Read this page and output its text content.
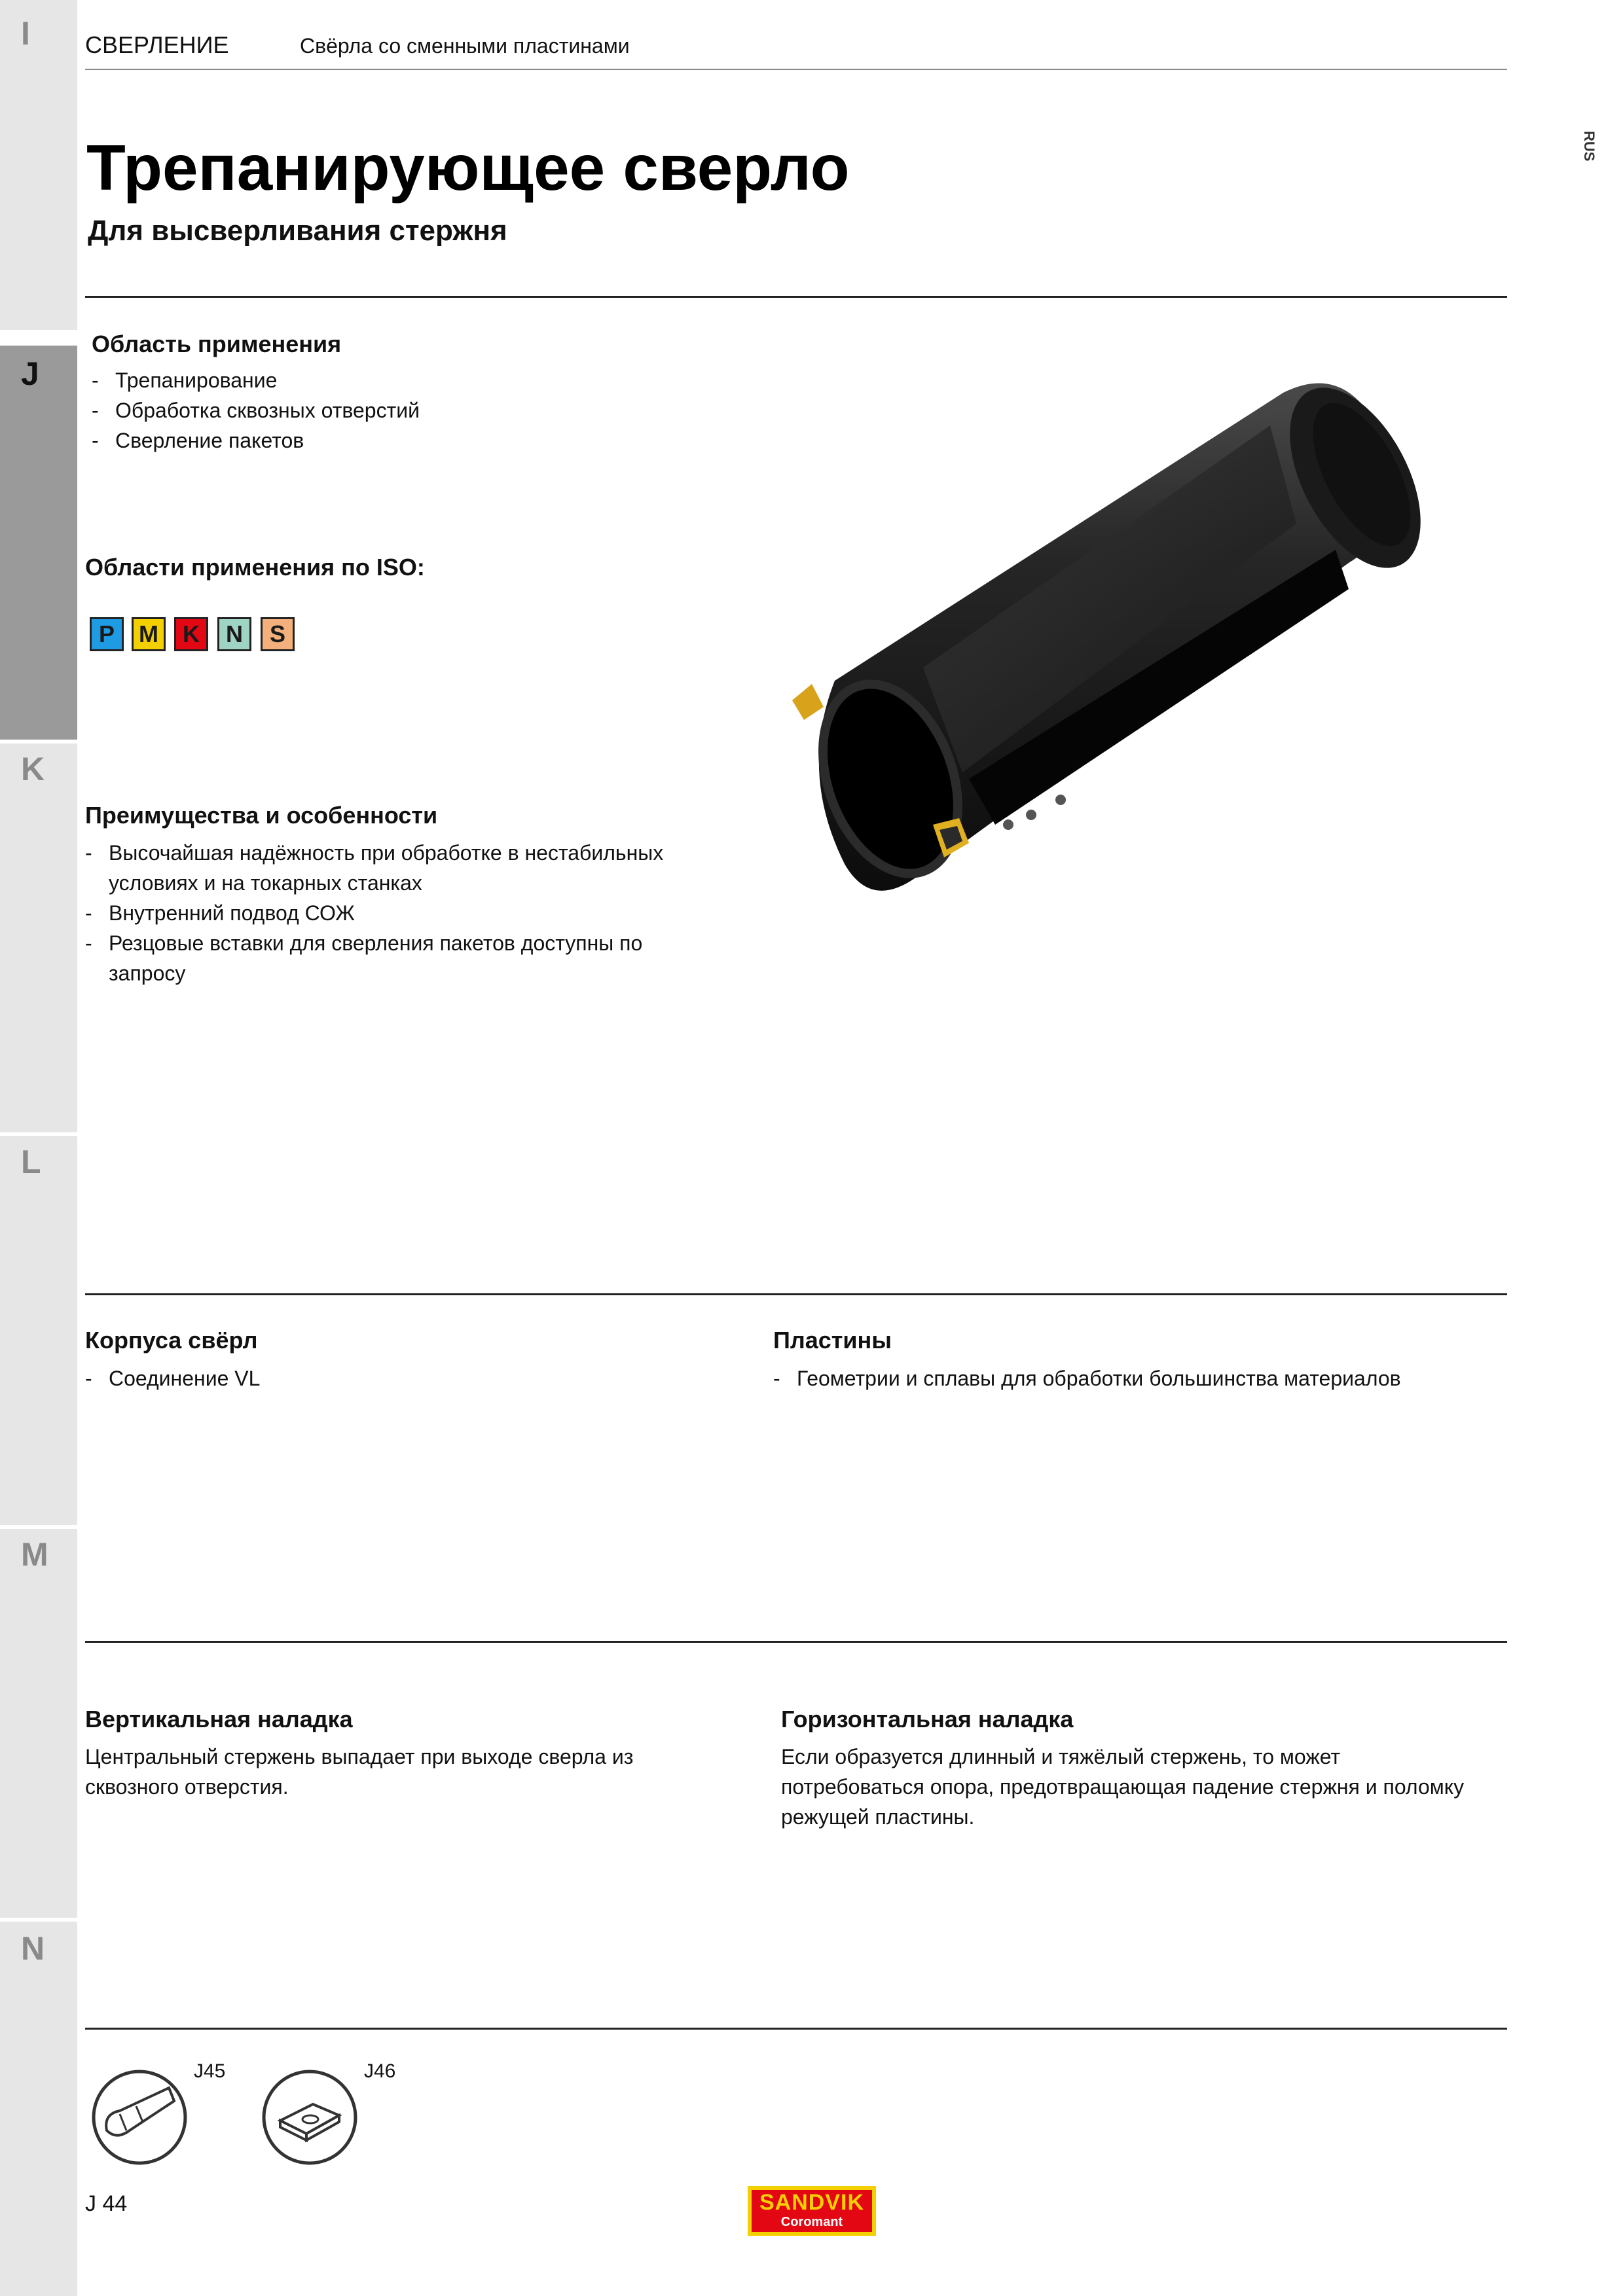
I
J
K
L
M
N
СВЕРЛЕНИЕ	Свёрла со сменными пластинами
RUS
Трепанирующее сверло
Для высверливания стержня
Область применения
- Трепанирование
- Обработка сквозных отверстий
- Сверление пакетов
Области применения по ISO:
P	M	K	N	S
Преимущества и особенности
- Высочайшая надёжность при обработке в нестабильных
условиях и на токарных станках
- Внутренний подвод СОЖ
- Резцовые вставки для сверления пакетов доступны по
запросу
Корпуса свёрл
- Соединение VL
Пластины
- Геометрии и сплавы для обработки большинства материалов
Вертикальная наладка
Центральный стержень выпадает при выходе сверла из
сквозного отверстия.
Горизонтальная наладка
Если образуется длинный и тяжёлый стержень, то может
потребоваться опора, предотвращающая падение стержня и поломку
режущей пластины.
J45	J46
J 44	SANDVIK
Coromant
